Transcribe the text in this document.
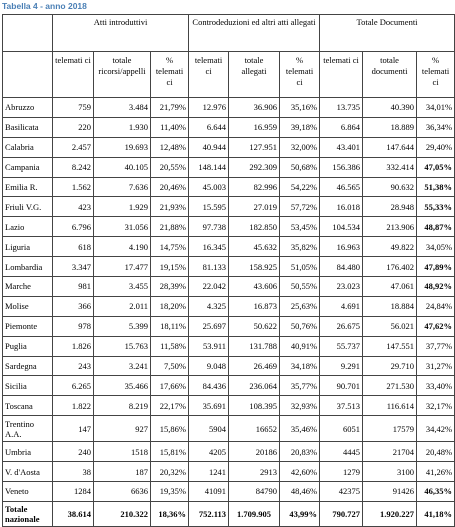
Tabella 4 - anno 2018
	Atti introduttivi			Controdeduzioni ed altri atti allegati			Totale Documenti		
	telemati ci	totale ricorsi/appelli	% telemati ci	telemati ci	totale allegati	% telemati ci	telemati ci	totale documenti	% telemati ci
Abruzzo	759	3.484	21,79%	12.976	36.906	35,16%	13.735	40.390	34,01%
Basilicata	220	1.930	11,40%	6.644	16.959	39,18%	6.864	18.889	36,34%
Calabria	2.457	19.693	12,48%	40.944	127.951	32,00%	43.401	147.644	29,40%
Campania	8.242	40.105	20,55%	148.144	292.309	50,68%	156.386	332.414	47,05%
Emilia R.	1.562	7.636	20,46%	45.003	82.996	54,22%	46.565	90.632	51,38%
Friuli V.G.	423	1.929	21,93%	15.595	27.019	57,72%	16.018	28.948	55,33%
Lazio	6.796	31.056	21,88%	97.738	182.850	53,45%	104.534	213.906	48,87%
Liguria	618	4.190	14,75%	16.345	45.632	35,82%	16.963	49.822	34,05%
Lombardia	3.347	17.477	19,15%	81.133	158.925	51,05%	84.480	176.402	47,89%
Marche	981	3.455	28,39%	22.042	43.606	50,55%	23.023	47.061	48,92%
Molise	366	2.011	18,20%	4.325	16.873	25,63%	4.691	18.884	24,84%
Piemonte	978	5.399	18,11%	25.697	50.622	50,76%	26.675	56.021	47,62%
Puglia	1.826	15.763	11,58%	53.911	131.788	40,91%	55.737	147.551	37,77%
Sardegna	243	3.241	7,50%	9.048	26.469	34,18%	9.291	29.710	31,27%
Sicilia	6.265	35.466	17,66%	84.436	236.064	35,77%	90.701	271.530	33,40%
Toscana	1.822	8.219	22,17%	35.691	108.395	32,93%	37.513	116.614	32,17%
Trentino A.A.	147	927	15,86%	5904	16652	35,46%	6051	17579	34,42%
Umbria	240	1518	15,81%	4205	20186	20,83%	4445	21704	20,48%
V. d'Aosta	38	187	20,32%	1241	2913	42,60%	1279	3100	41,26%
Veneto	1284	6636	19,35%	41091	84790	48,46%	42375	91426	46,35%
Totale nazionale	38.614	210.322	18,36%	752.113	1.709.905	43,99%	790.727	1.920.227	41,18%
